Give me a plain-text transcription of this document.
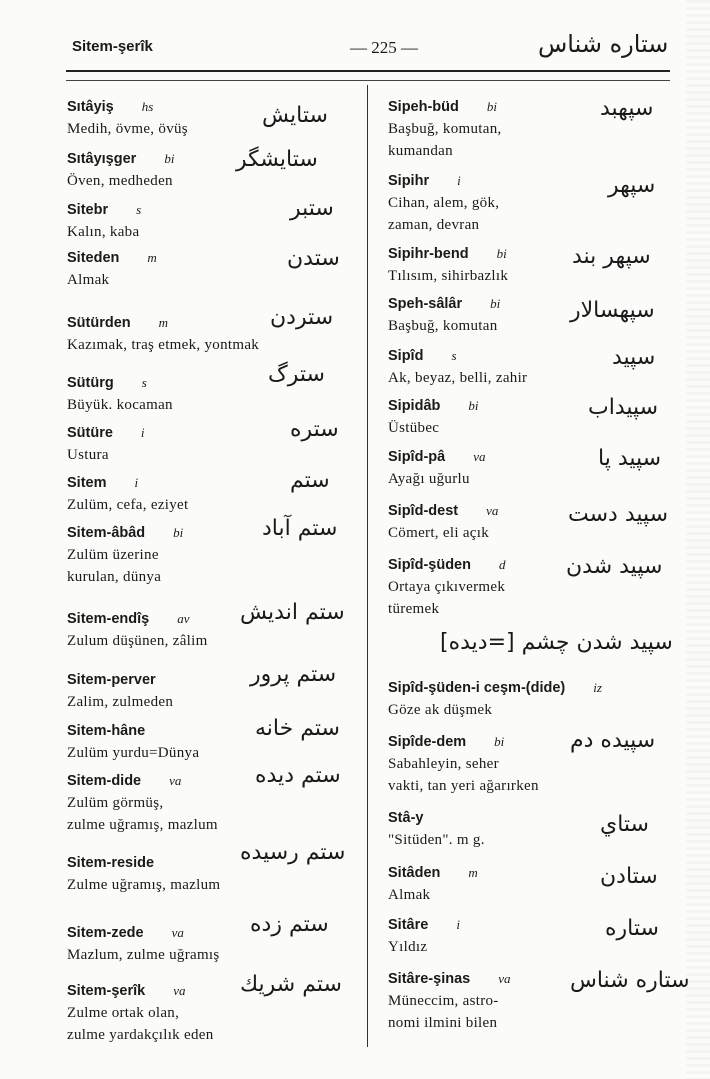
Sitem-şerîk	— 225 —	ستاره شناس
سپيد شدن چشم [=ديده]
Sıtâyiş hs
Medih, övme, övüş
ستايش
Sıtâyışger bi
Öven, medheden
ستايشگر
Sitebr s
Kalın, kaba
ستبر
Siteden m
Almak
ستدن
Sütürden m
Kazımak, traş etmek, yontmak
ستردن
Sütürg s
Büyük. kocaman
سترگ
Sütüre i
Ustura
ستره
Sitem i
Zulüm, cefa, eziyet
ستم
Sitem-âbâd bi
Zulüm üzerine
kurulan, dünya
ستم آباد
Sitem-endîş av
Zulum düşünen, zâlim
ستم انديش
Sitem-perver
Zalim, zulmeden
ستم پرور
Sitem-hâne
Zulüm yurdu=Dünya
ستم خانه
Sitem-dide va
Zulüm görmüş,
zulme uğramış, mazlum
ستم ديده
Sitem-reside
Zulme uğramış, mazlum
ستم رسيده
Sitem-zede va
Mazlum, zulme uğramış
ستم زده
Sitem-şerîk va
Zulme ortak olan,
zulme yardakçılık eden
ستم شريك
Sipeh-büd bi
Başbuğ, komutan,
kumandan
سپهبد
Sipihr i
Cihan, alem, gök,
zaman, devran
سپهر
Sipihr-bend bi
Tılısım, sihirbazlık
سپهر بند
Speh-sâlâr bi
Başbuğ, komutan
سپهسالار
Sipîd s
Ak, beyaz, belli, zahir
سپيد
Sipidâb bi
Üstübec
سپيداب
Sipîd-pâ va
Ayağı uğurlu
سپيد پا
Sipîd-dest va
Cömert, eli açık
سپيد دست
Sipîd-şüden d
Ortaya çıkıvermek
türemek
سپيد شدن
Sipîd-şüden-i ceşm-(dide) iz
Göze ak düşmek
Sipîde-dem bi
Sabahleyin, seher
vakti, tan yeri ağarırken
سپيده دم
Stâ-y
"Sitüden". m g.
ستاي
Sitâden m
Almak
ستادن
Sitâre i
Yıldız
ستاره
Sitâre-şinas va
Müneccim, astro-
nomi ilmini bilen
ستاره شناس
